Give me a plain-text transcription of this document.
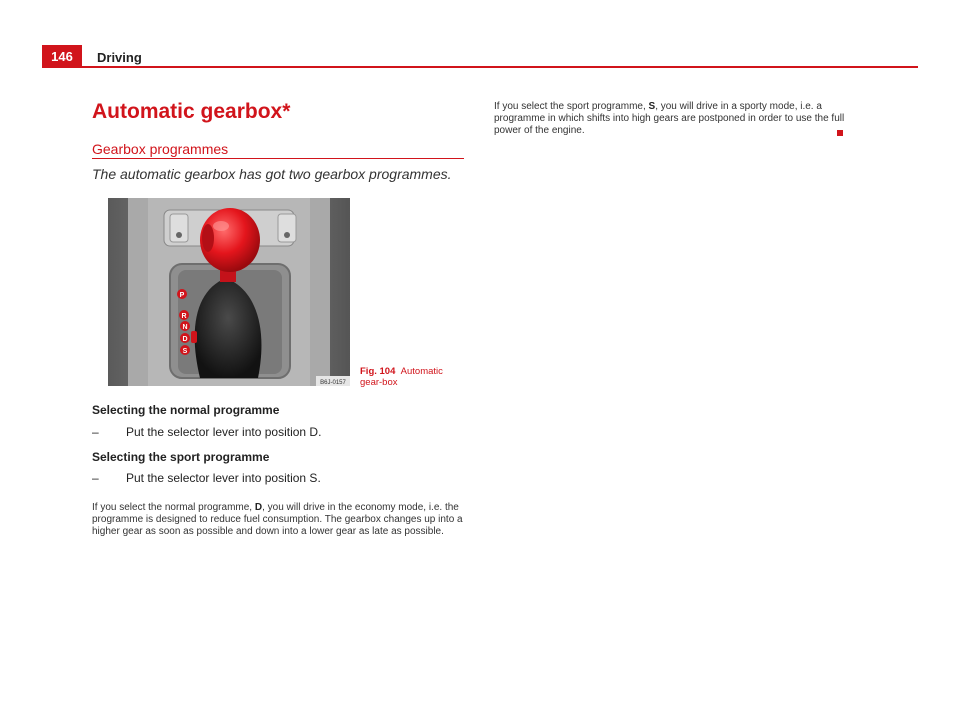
146	Driving
Automatic gearbox*
Gearbox programmes
The automatic gearbox has got two gearbox programmes.
P
R
N
D
S
B6J-0157
Fig. 104 Automatic gear-box
Selecting the normal programme
– Put the selector lever into position D.
Selecting the sport programme
– Put the selector lever into position S.
If you select the normal programme, D, you will drive in the economy mode, i.e. the programme is designed to reduce fuel consumption. The gearbox changes up into a higher gear as soon as possible and down into a lower gear as late as possible.
If you select the sport programme, S, you will drive in a sporty mode, i.e. a programme in which shifts into high gears are postponed in order to use the full power of the engine.
